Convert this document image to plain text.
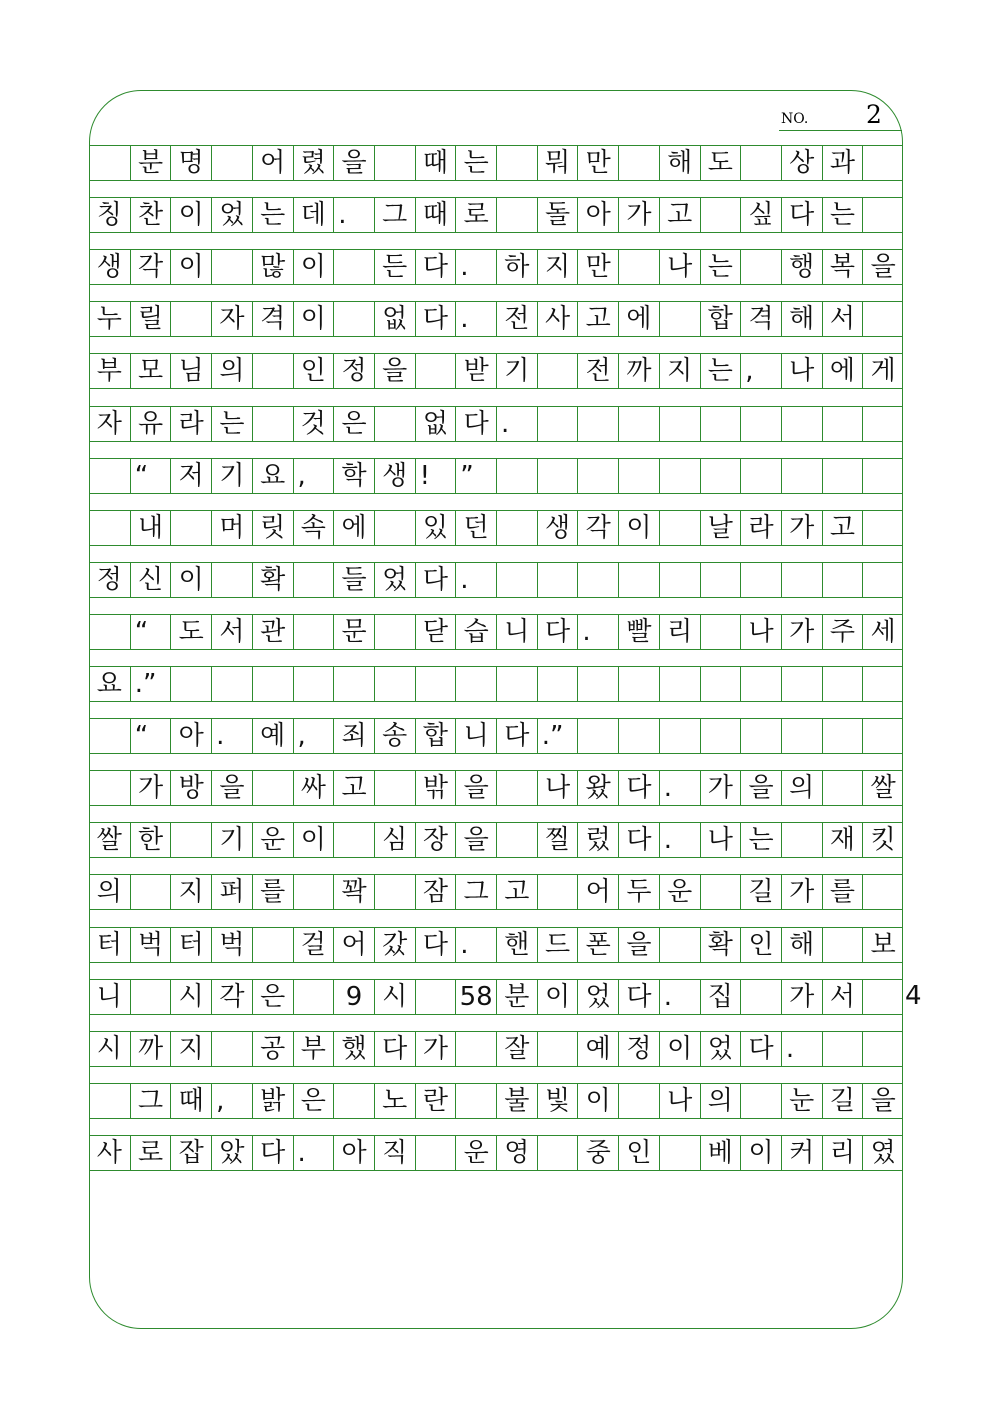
NO. 2
분 명	어 렸 을	때 는	뭐 만	해 도	상 과
칭 찬 이 었 는 데 .	그 때 로	돌 아 가 고	싶 다 는
생 각 이	많 이	든 다 .	하 지 만	나 는	행 복 을
누 릴	자 격 이	없 다 .	전 사 고 에	합 격 해 서
부 모 님 의	인 정 을	받 기	전 까 지 는 ,	나 에 게
자 유 라 는	것 은	없 다 .
“	저 기 요 ,	학 생 !	”
내	머 릿 속 에	있 던	생 각 이	날 라 가 고
정 신 이	확	들 었 다 .
“	도 서 관	문	닫 습 니 다 .	빨 리	나 가 주 세
요 .”
“	아 .	예 ,	죄 송 합 니 다 .”
가 방 을	싸 고	밖 을	나 왔 다 .	가 을 의	쌀
쌀 한	기 운 이	심 장 을	찔 렀 다 .	나 는	재 킷
의	지 퍼 를	꽉	잠 그 고	어 두 운	길 가 를
터 벅 터 벅	걸 어 갔 다 .	핸 드 폰 을	확 인 해	보
니	시 각 은	9 시 58 분 이 었 다 .	집	가 서
시 까 지	공 부 했 다 가	잘	예 정 이 었 다 .
그 때 ,	밝 은	노 란	불 빛 이	나 의	눈 길 을
사 로 잡 았 다 .	아 직	운 영	중 인	베 이 커 리 였
4
